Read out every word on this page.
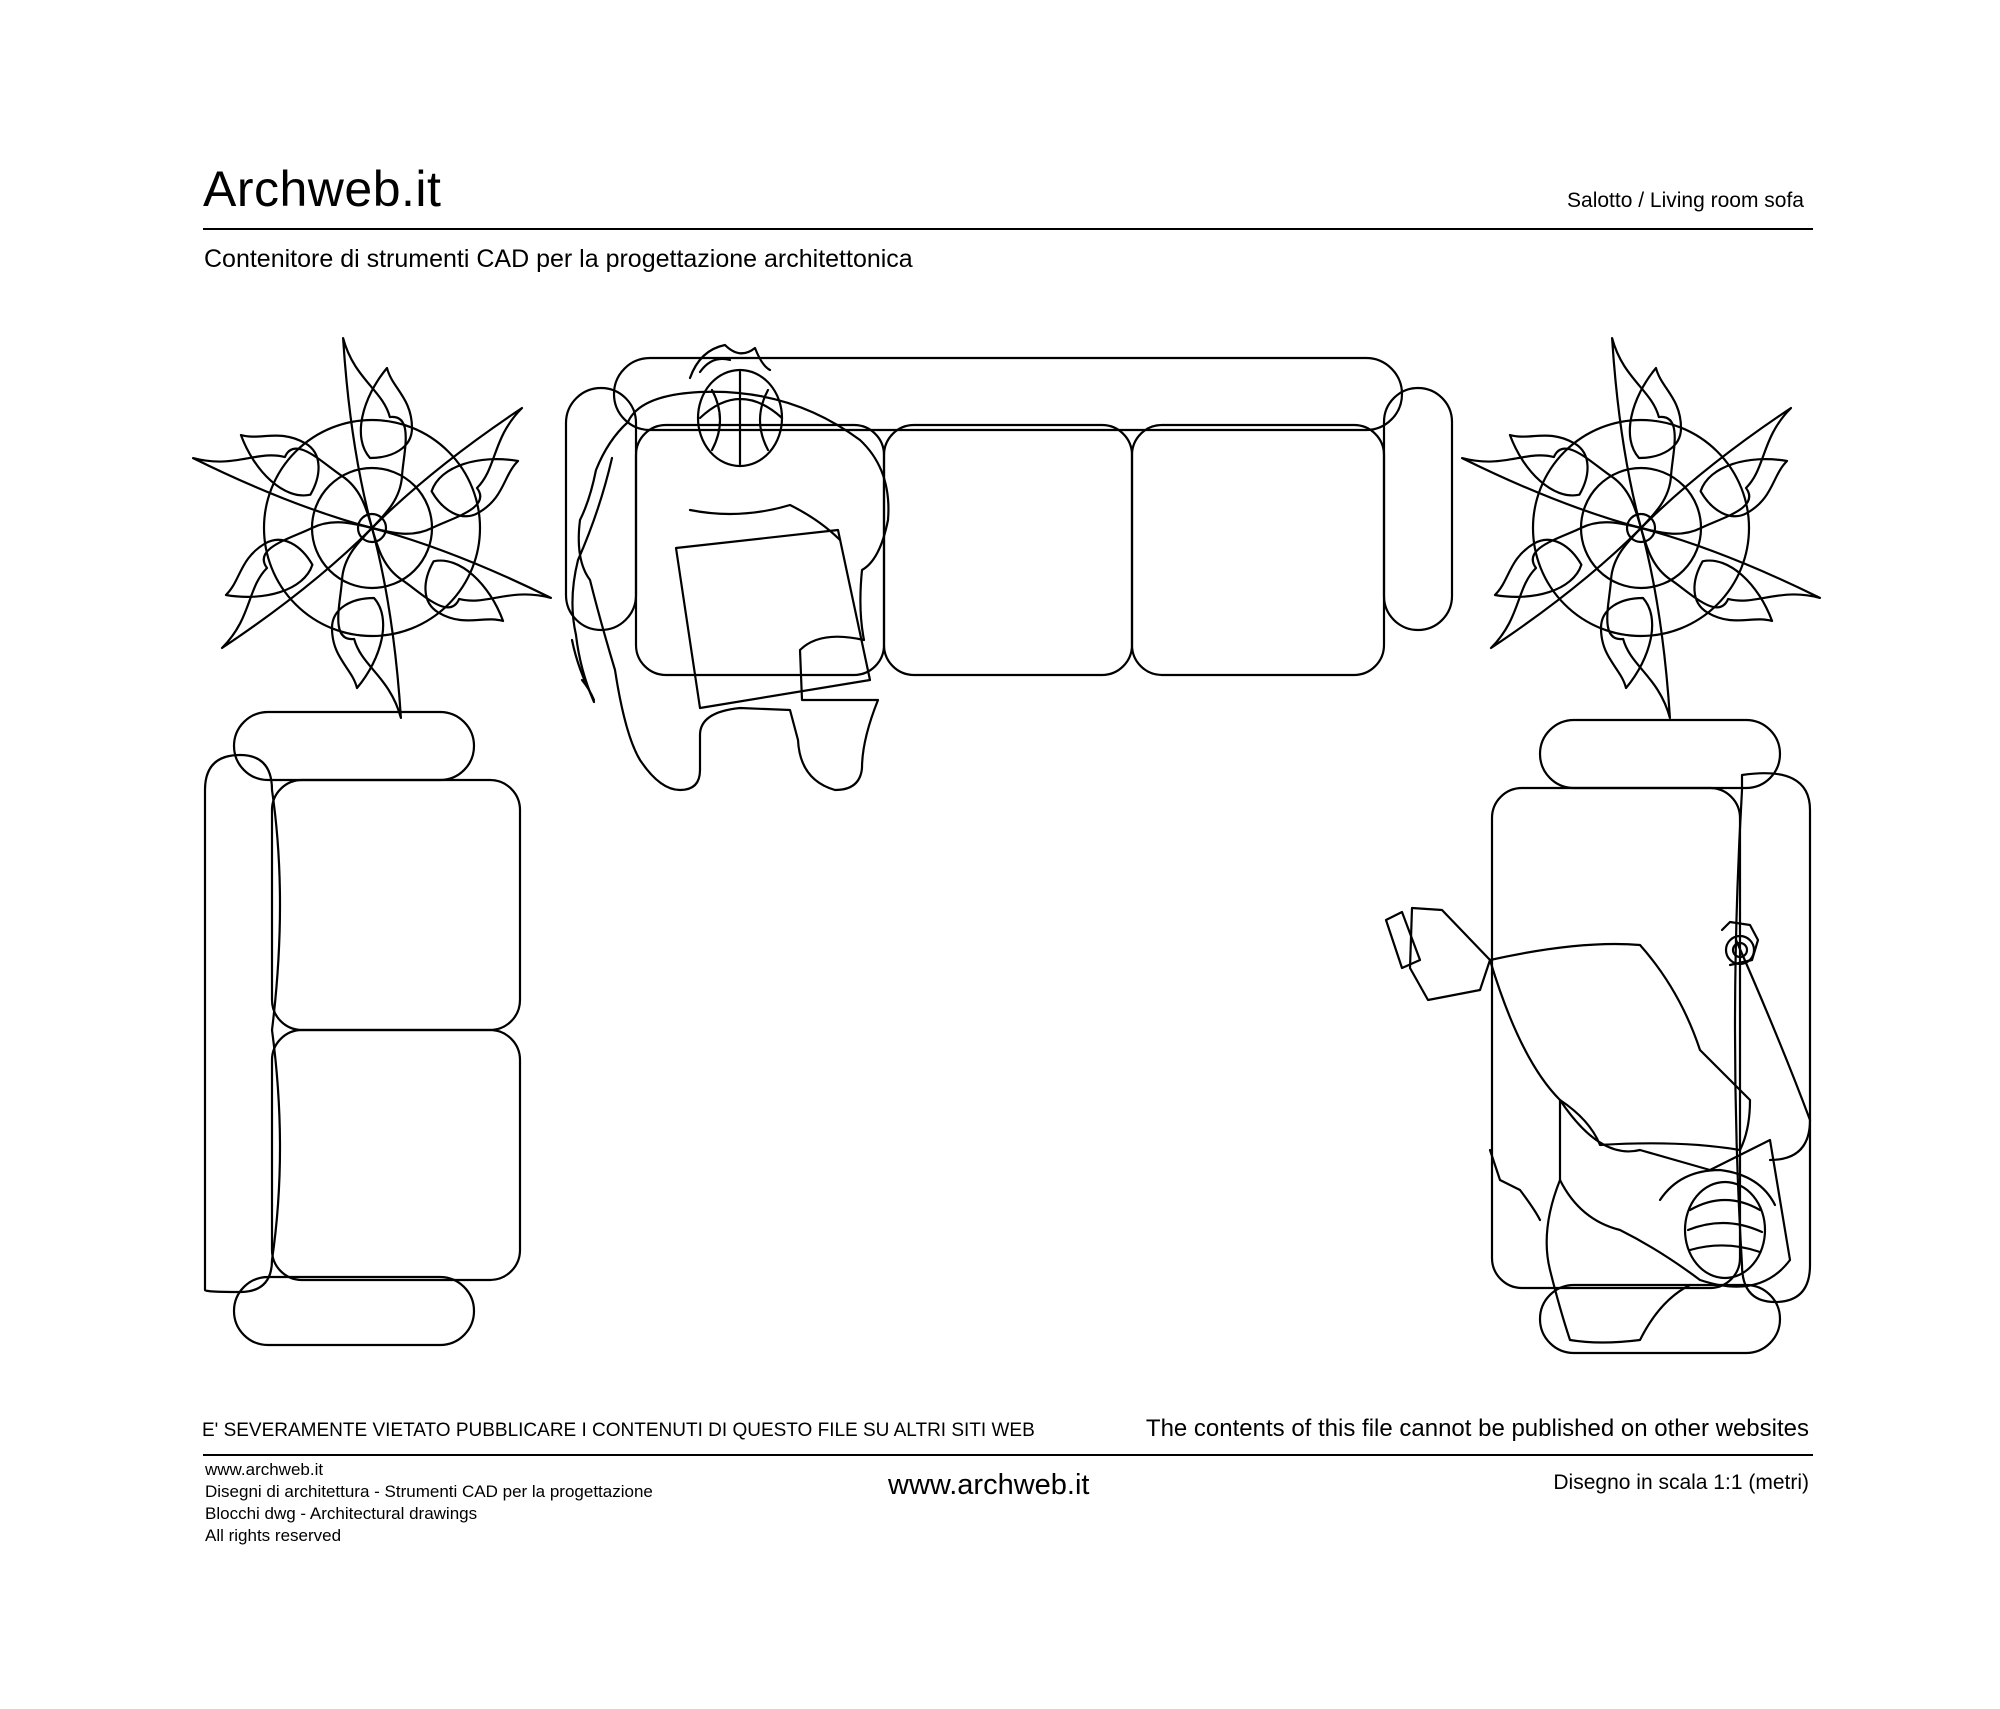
Archweb.it	Salotto / Living room sofa
Contenitore di strumenti CAD per la progettazione architettonica
E' SEVERAMENTE VIETATO PUBBLICARE I CONTENUTI DI QUESTO FILE SU ALTRI SITI WEB	The contents of this file cannot be published on other websites
www.archweb.it
Disegni di architettura - Strumenti CAD per la progettazione
Blocchi dwg - Architectural drawings
All rights reserved
www.archweb.it	Disegno in scala 1:1 (metri)
